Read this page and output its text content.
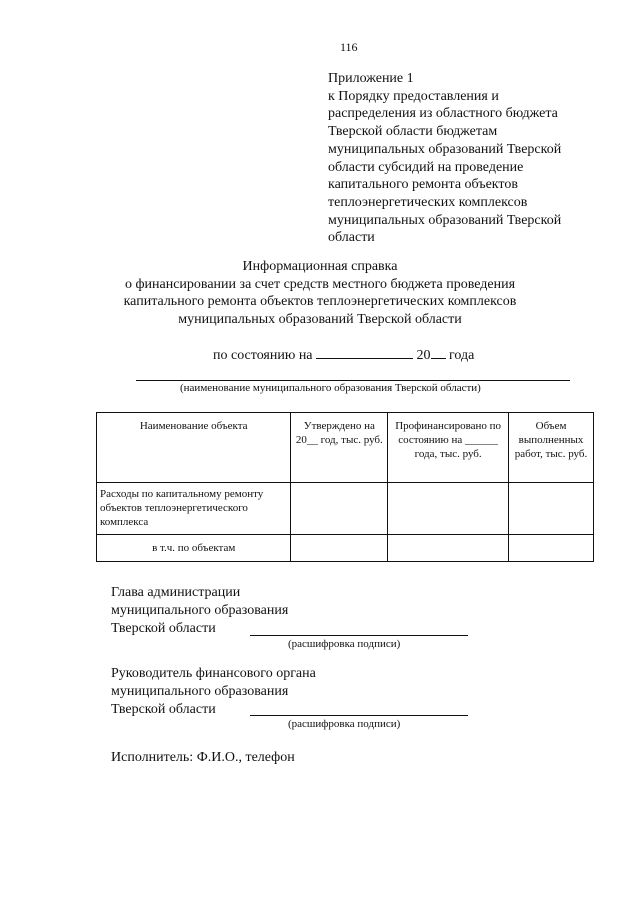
116
Приложение 1
к Порядку предоставления и
распределения из областного бюджета
Тверской области бюджетам
муниципальных образований Тверской
области субсидий на проведение
капитального ремонта объектов
теплоэнергетических комплексов
муниципальных образований Тверской
области
Информационная справка
о финансировании за счет средств местного бюджета проведения
капитального ремонта объектов теплоэнергетических комплексов
муниципальных образований Тверской области
по состоянию на	20 года
(наименование муниципального образования Тверской области)
Наименование объекта	Утверждено на 20__ год, тыс. руб.	Профинансировано по состоянию на ______ года, тыс. руб.	Объем выполненных работ, тыс. руб.
Расходы по капитальному ремонту объектов теплоэнергетического комплекса			
в т.ч. по объектам			
Глава администрации
муниципального образования
Тверской области
(расшифровка подписи)
Руководитель финансового органа
муниципального образования
Тверской области
(расшифровка подписи)
Исполнитель: Ф.И.О., телефон
